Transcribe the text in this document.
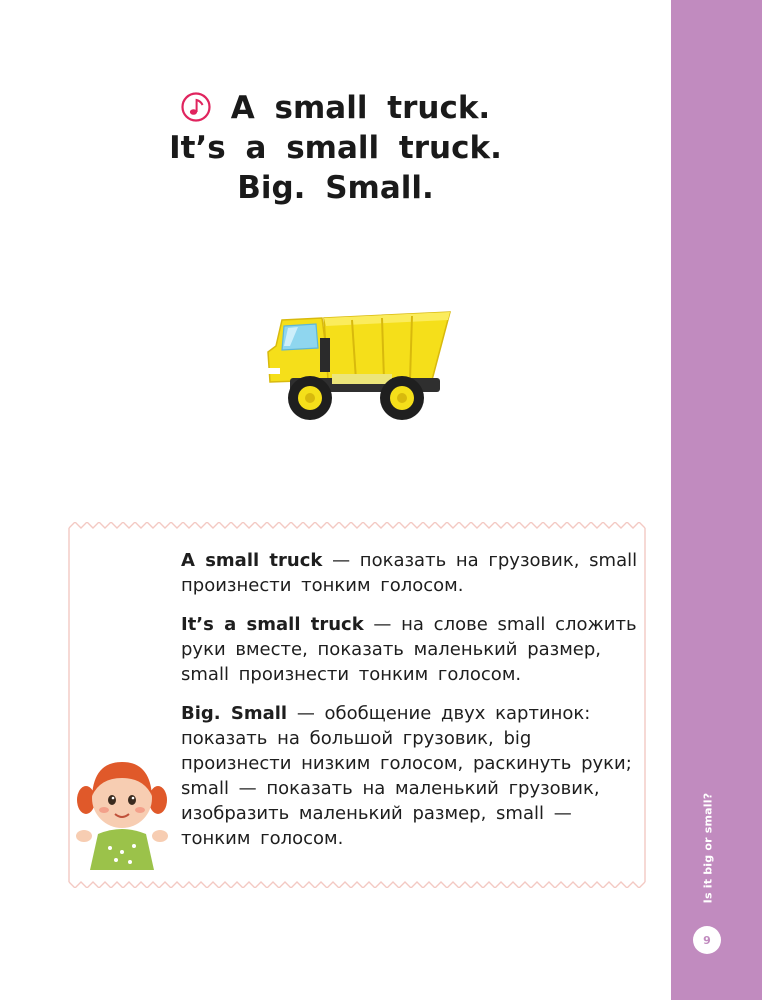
A small truck.
It’s a small truck.
Big. Small.

A small truck — показать на грузовик, small произнести тонким голосом.

It’s a small truck — на слове small сложить руки вместе, показать маленький размер, small произнести тонким голосом.

Big. Small — обобщение двух картинок: показать на большой грузовик, big произнести низким голосом, раскинуть руки; small — показать на маленький грузовик, изобразить маленький размер, small — тонким голосом.	Is it big or small?
9
